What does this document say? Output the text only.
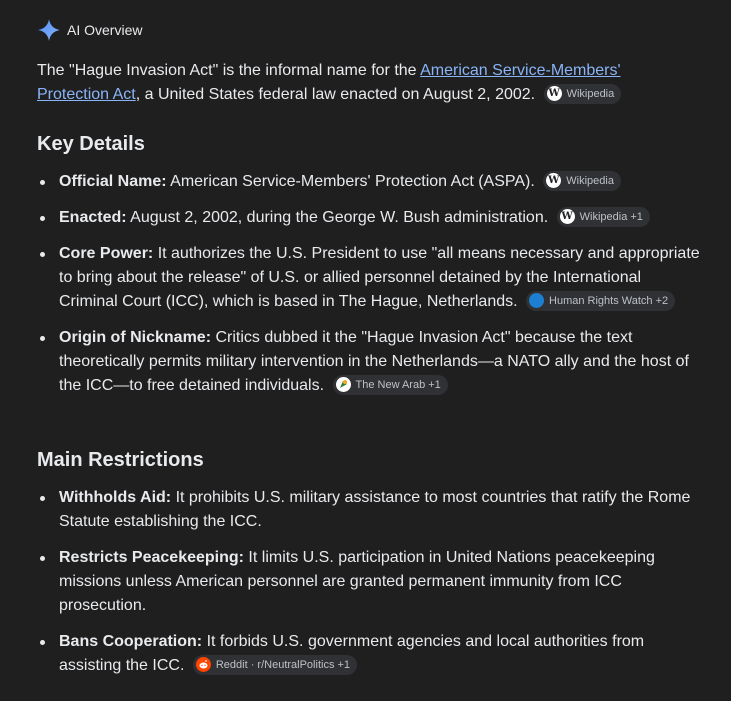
AI Overview
The "Hague Invasion Act" is the informal name for the American Service-Members' Protection Act, a United States federal law enacted on August 2, 2002. W Wikipedia
Key Details
Official Name: American Service-Members' Protection Act (ASPA). W Wikipedia
Enacted: August 2, 2002, during the George W. Bush administration. W Wikipedia +1
Core Power: It authorizes the U.S. President to use "all means necessary and appropriate to bring about the release" of U.S. or allied personnel detained by the International Criminal Court (ICC), which is based in The Hague, Netherlands.	Human Rights Watch +2
Origin of Nickname: Critics dubbed it the "Hague Invasion Act" because the text theoretically permits military intervention in the Netherlands—a NATO ally and the host of the ICC—to free detained individuals.	The New Arab +1
Main Restrictions
Withholds Aid: It prohibits U.S. military assistance to most countries that ratify the Rome Statute establishing the ICC.
Restricts Peacekeeping: It limits U.S. participation in United Nations peacekeeping missions unless American personnel are granted permanent immunity from ICC prosecution.
Bans Cooperation: It forbids U.S. government agencies and local authorities from assisting the ICC.	Reddit · r/NeutralPolitics +1
